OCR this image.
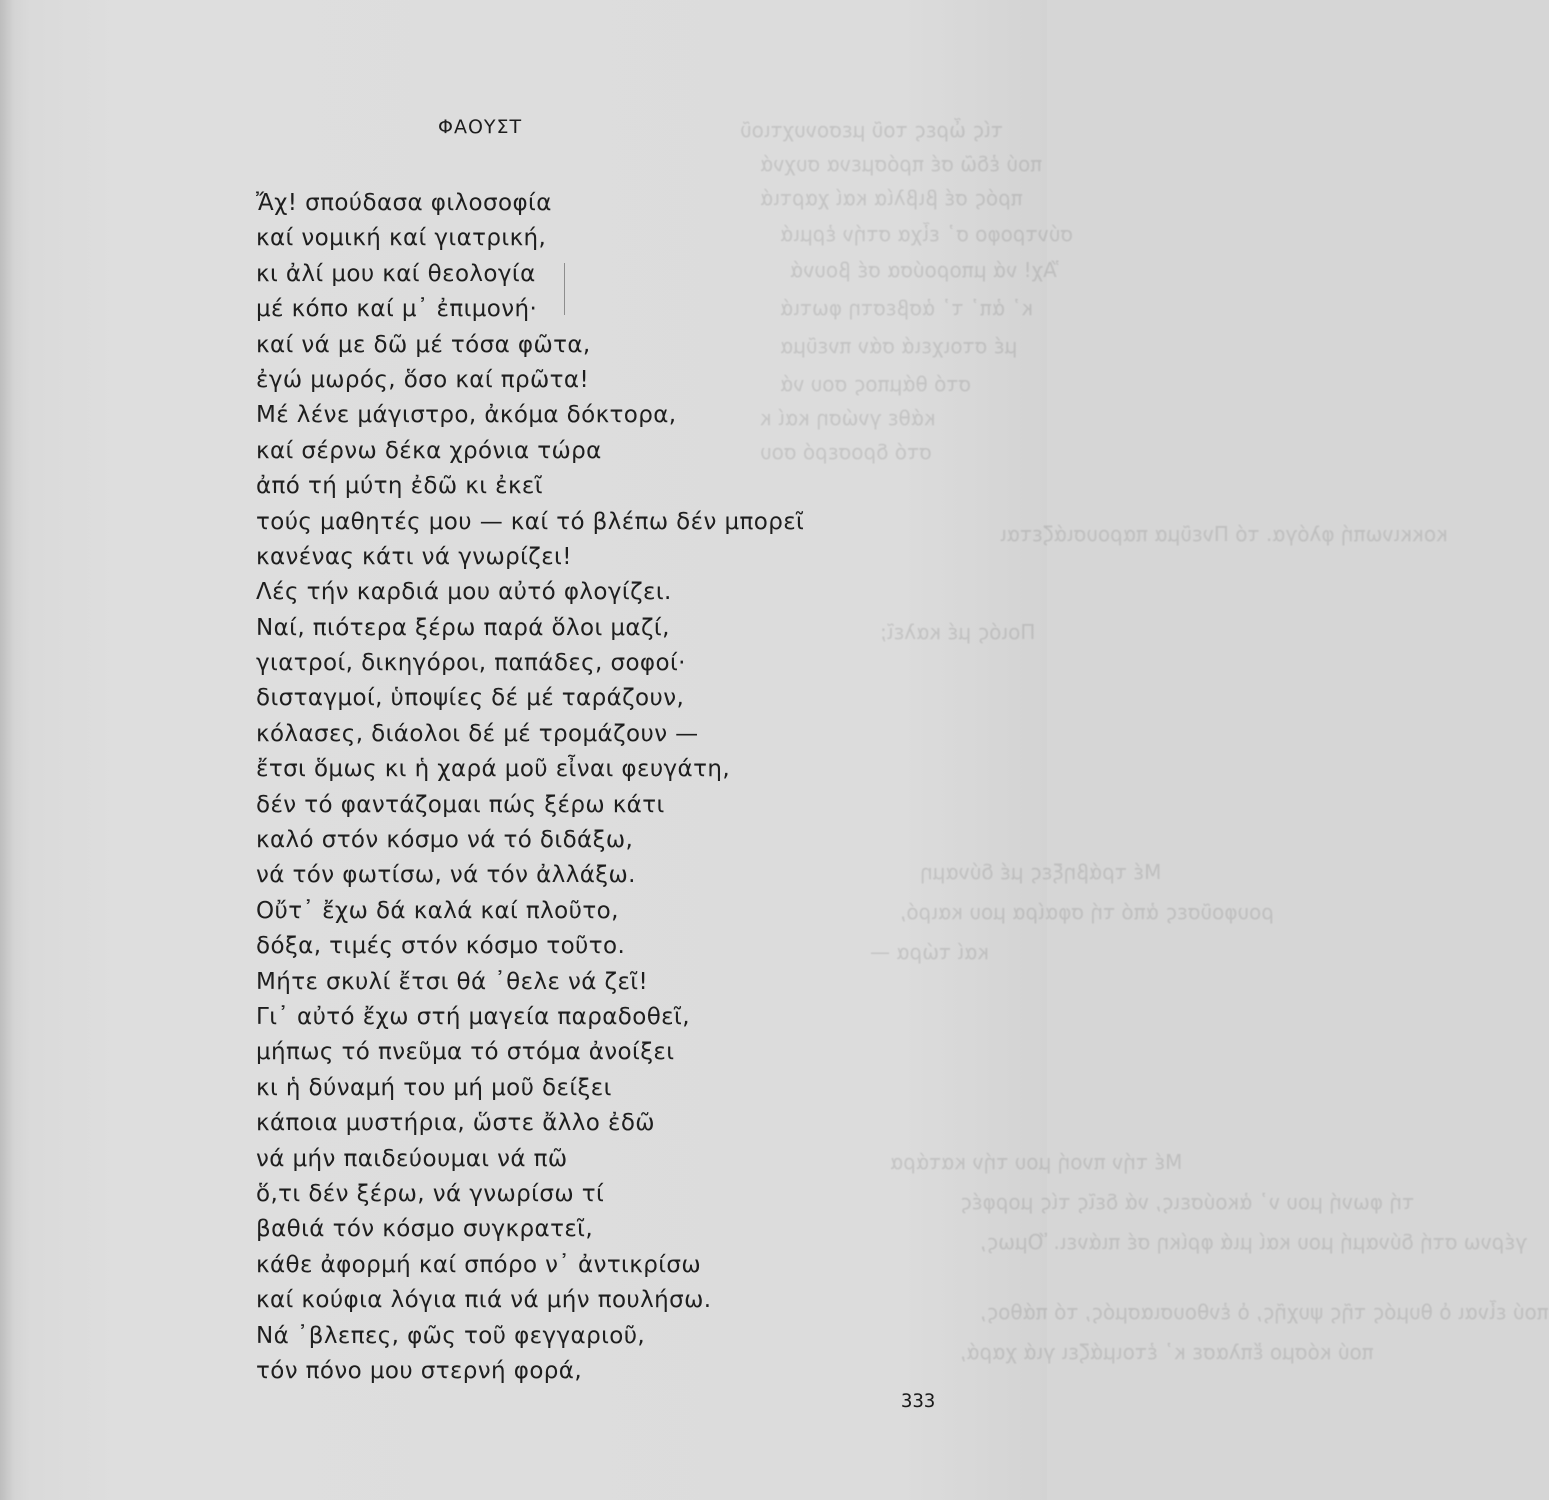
τίς ὧρες τοῦ μεσονυχτιοῦ
πού ἐδῶ σέ πρόσμενα συχνά
πρός σέ βιβλία καί χαρτιά
σύντροφο σ᾿ εἶχα στήν ἐρμιά
Ἄχ! νά μπορούσα σέ βουνά
κ᾿ ἀπ᾿ τ᾿ ἀσβεστη φωτιά
μέ στοιχειά σάν πνεῦμα
στό θάμπος σου νά
κάθε γνώση καί κ
στό δροσερό σου
κοκκινωπή φλόγα. τό Πνεῦμα παρουσιάζεται
Ποιός μέ καλεῖ;
Μέ τράβηξες μέ δύναμη
ρουφοῦσες ἀπό τή σφαίρα μου καιρό,
καί τώρα —
Μέ τήν πνοή μου τήν κατάρα
τή φωνή μου ν᾿ ἀκούσεις, νά δεῖς τίς μορφές
γέρνω στή δύναμή μου καί μιά φρίκη σέ πιάνει. Ὅμως,
πού εἶναι ὁ θυμός τῆς ψυχῆς, ὁ ἐνθουσιασμός, τό πάθος,
πού κόσμο ἔπλασε κ᾿ ἐτοιμάζει γιά χαρά,
ΦΑΟΥΣΤ
Ἄχ! σπούδασα φιλοσοφία
καί νομική καί γιατρική,
κι ἀλί μου καί θεολογία
μέ κόπο καί μ᾿ ἐπιμονή·
καί νά με δῶ μέ τόσα φῶτα,
ἐγώ μωρός, ὅσο καί πρῶτα!
Μέ λένε μάγιστρο, ἀκόμα δόκτορα,
καί σέρνω δέκα χρόνια τώρα
ἀπό τή μύτη ἐδῶ κι ἐκεῖ
τούς μαθητές μου — καί τό βλέπω δέν μπορεῖ
κανένας κάτι νά γνωρίζει!
Λές τήν καρδιά μου αὐτό φλογίζει.
Ναί, πιότερα ξέρω παρά ὅλοι μαζί,
γιατροί, δικηγόροι, παπάδες, σοφοί·
δισταγμοί, ὑποψίες δέ μέ ταράζουν,
κόλασες, διάολοι δέ μέ τρομάζουν —
ἔτσι ὅμως κι ἡ χαρά μοῦ εἶναι φευγάτη,
δέν τό φαντάζομαι πώς ξέρω κάτι
καλό στόν κόσμο νά τό διδάξω,
νά τόν φωτίσω, νά τόν ἀλλάξω.
Οὔτ᾿ ἔχω δά καλά καί πλοῦτο,
δόξα, τιμές στόν κόσμο τοῦτο.
Μήτε σκυλί ἔτσι θά ᾿θελε νά ζεῖ!
Γι᾿ αὐτό ἔχω στή μαγεία παραδοθεῖ,
μήπως τό πνεῦμα τό στόμα ἀνοίξει
κι ἡ δύναμή του μή μοῦ δείξει
κάποια μυστήρια, ὥστε ἄλλο ἐδῶ
νά μήν παιδεύουμαι νά πῶ
ὅ,τι δέν ξέρω, νά γνωρίσω τί
βαθιά τόν κόσμο συγκρατεῖ,
κάθε ἀφορμή καί σπόρο ν᾿ ἀντικρίσω
καί κούφια λόγια πιά νά μήν πουλήσω.
Νά ᾿βλεπες, φῶς τοῦ φεγγαριοῦ,
τόν πόνο μου στερνή φορά,
333
